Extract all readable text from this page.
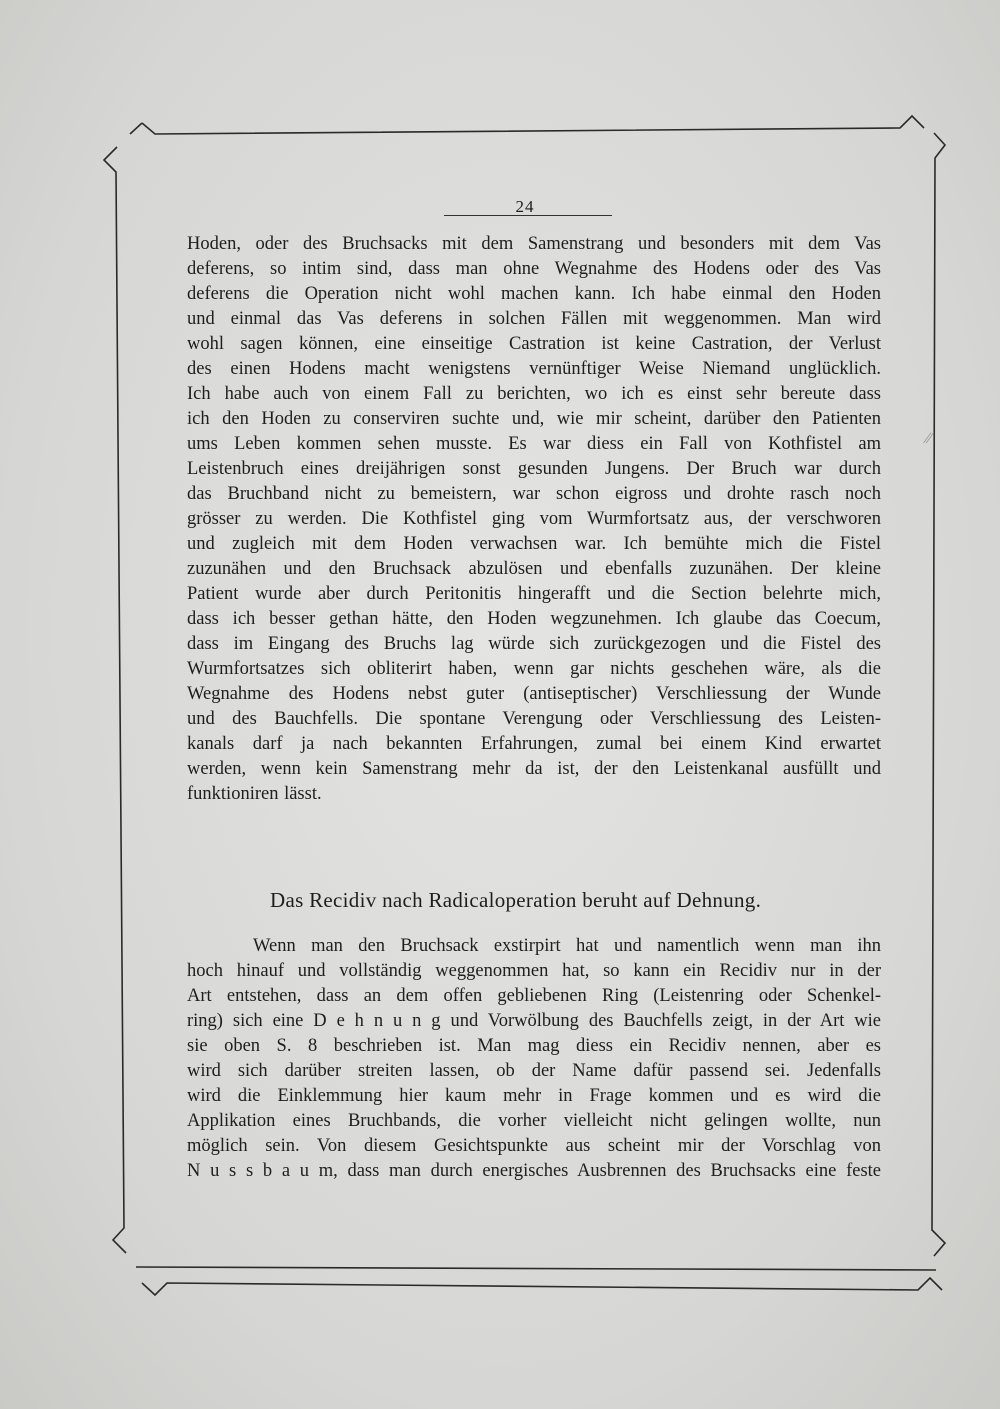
24
⁄⁄
Hoden, oder des Bruchsacks mit dem Samenstrang und besonders mit dem Vas
deferens, so intim sind, dass man ohne Wegnahme des Hodens oder des Vas
deferens die Operation nicht wohl machen kann. Ich habe einmal den Hoden
und einmal das Vas deferens in solchen Fällen mit weggenommen. Man wird
wohl sagen können, eine einseitige Castration ist keine Castration, der Verlust
des einen Hodens macht wenigstens vernünftiger Weise Niemand unglücklich.
Ich habe auch von einem Fall zu berichten, wo ich es einst sehr bereute dass
ich den Hoden zu conserviren suchte und, wie mir scheint, darüber den Patienten
ums Leben kommen sehen musste. Es war diess ein Fall von Kothfistel am
Leistenbruch eines dreijährigen sonst gesunden Jungens. Der Bruch war durch
das Bruchband nicht zu bemeistern, war schon eigross und drohte rasch noch
grösser zu werden. Die Kothfistel ging vom Wurmfortsatz aus, der verschworen
und zugleich mit dem Hoden verwachsen war. Ich bemühte mich die Fistel
zuzunähen und den Bruchsack abzulösen und ebenfalls zuzunähen. Der kleine
Patient wurde aber durch Peritonitis hingerafft und die Section belehrte mich,
dass ich besser gethan hätte, den Hoden wegzunehmen. Ich glaube das Coecum,
dass im Eingang des Bruchs lag würde sich zurückgezogen und die Fistel des
Wurmfortsatzes sich obliterirt haben, wenn gar nichts geschehen wäre, als die
Wegnahme des Hodens nebst guter (antiseptischer) Verschliessung der Wunde
und des Bauchfells. Die spontane Verengung oder Verschliessung des Leisten-
kanals darf ja nach bekannten Erfahrungen, zumal bei einem Kind erwartet
werden, wenn kein Samenstrang mehr da ist, der den Leistenkanal ausfüllt und
funktioniren lässt.
Das Recidiv nach Radicaloperation beruht auf Dehnung.
Wenn man den Bruchsack exstirpirt hat und namentlich wenn man ihn
hoch hinauf und vollständig weggenommen hat, so kann ein Recidiv nur in der
Art entstehen, dass an dem offen gebliebenen Ring (Leistenring oder Schenkel-
ring) sich eine D e h n u n g und Vorwölbung des Bauchfells zeigt, in der Art wie
sie oben S. 8 beschrieben ist. Man mag diess ein Recidiv nennen, aber es
wird sich darüber streiten lassen, ob der Name dafür passend sei. Jedenfalls
wird die Einklemmung hier kaum mehr in Frage kommen und es wird die
Applikation eines Bruchbands, die vorher vielleicht nicht gelingen wollte, nun
möglich sein. Von diesem Gesichtspunkte aus scheint mir der Vorschlag von
N u s s b a u m, dass man durch energisches Ausbrennen des Bruchsacks eine feste
